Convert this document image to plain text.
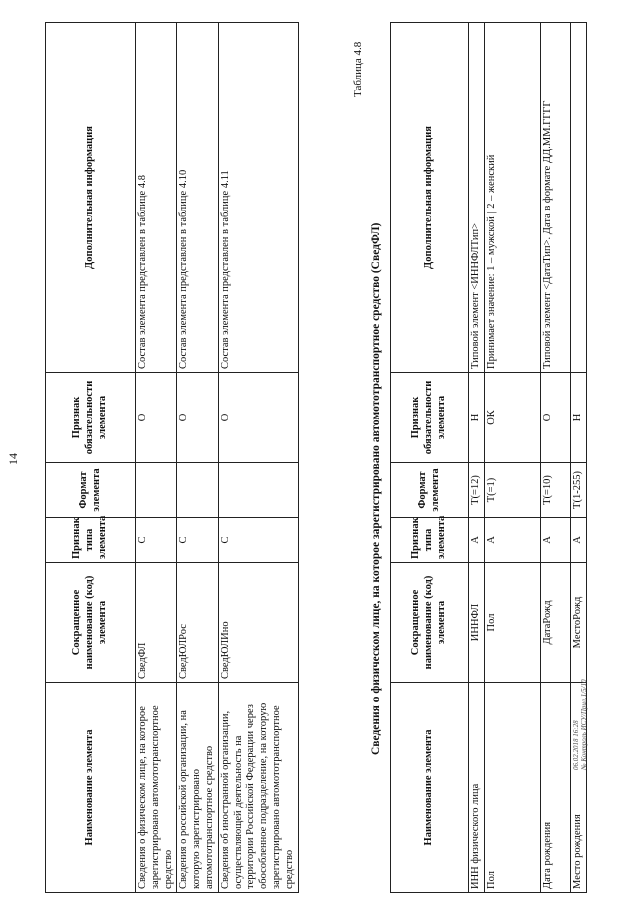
14
Наименование элемента	Сокращенное наименование (код) элемента	Признак типа элемента	Формат элемента	Признак обязательности элемента	Дополнительная информация
Сведения о физическом лице, на которое зарегистрировано автомототранспортное средство	СведФЛ	С		О	Состав элемента представлен в таблице 4.8
Сведения о российской организации, на которую зарегистрировано автомототранспортное средство	СведЮЛРос	С		О	Состав элемента представлен в таблице 4.10
Сведения об иностранной организации, осуществляющей деятельность на территории Российской Федерации через обособленное подразделение, на которую зарегистрировано автомототранспортное средство	СведЮЛИно	С		О	Состав элемента представлен в таблице 4.11
Таблица 4.8
Сведения о физическом лице, на которое зарегистрировано автомототранспортное средство (СведФЛ)
Наименование элемента	Сокращенное наименование (код) элемента	Признак типа элемента	Формат элемента	Признак обязательности элемента	Дополнительная информация
ИНН физического лица	ИННФЛ	А	T(=12)	Н	Типовой элемент <ИННФЛТип>
Пол	Пол	А	T(=1)	ОК	Принимает значение: 1 – мужской | 2 – женский
Дата рождения	ДатаРожд	А	T(=10)	О	Типовой элемент <ДатаТип>. Дата в формате ДД.ММ.ГГГГ
Место рождения	МестоРожд	А	T(1-255)	Н	
06.02.2018 16:28 № Контроль ИСУ/Прил.1/5/10
